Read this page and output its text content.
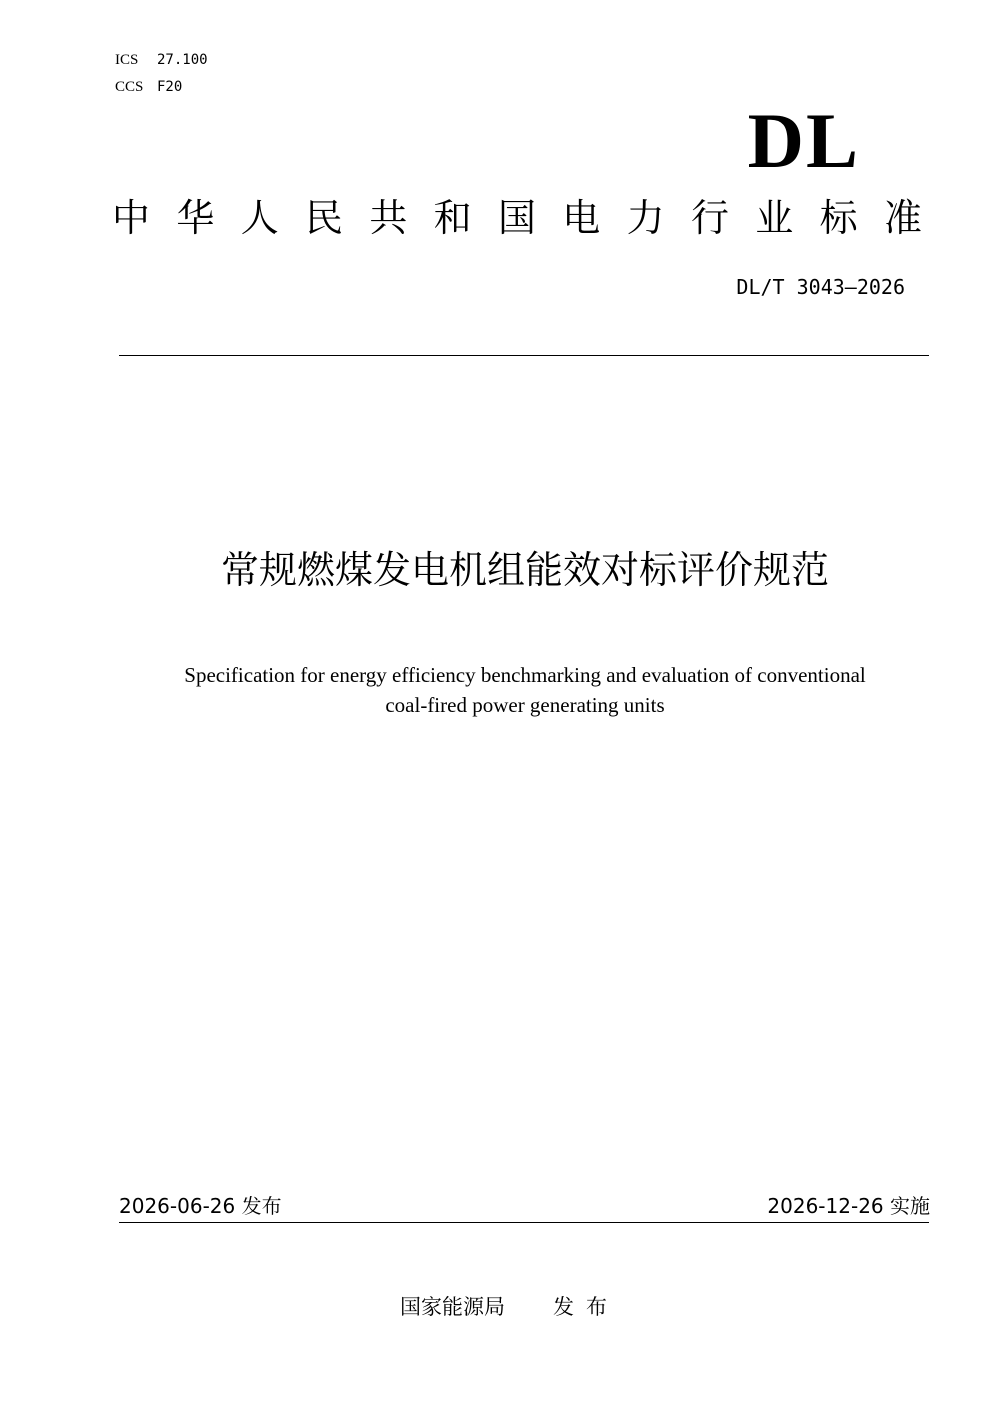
ICS 27.100
CCS F20
DL
中 华 人 民 共 和 国 电 力 行 业 标 准
DL/T 3043—2026
常规燃煤发电机组能效对标评价规范
Specification for energy efficiency benchmarking and evaluation of conventional
coal-fired power generating units
2026-06-26 发布	2026-12-26 实施
国家能源局 发布
